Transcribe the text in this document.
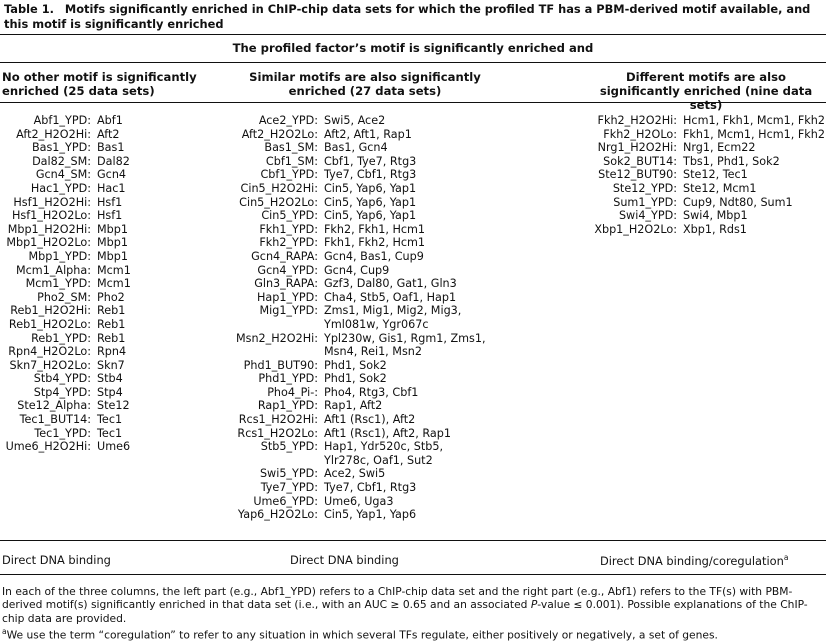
Table 1. Motifs significantly enriched in ChIP-chip data sets for which the profiled TF has a PBM-derived motif available, and this motif is significantly enriched
The profiled factor’s motif is significantly enriched and
No other motif is significantly enriched (25 data sets)
Similar motifs are also significantly enriched (27 data sets)
Different motifs are also significantly enriched (nine data sets)
Abf1_YPD: Abf1
Aft2_H2O2Hi: Aft2
Bas1_YPD: Bas1
Dal82_SM: Dal82
Gcn4_SM: Gcn4
Hac1_YPD: Hac1
Hsf1_H2O2Hi: Hsf1
Hsf1_H2O2Lo: Hsf1
Mbp1_H2O2Hi: Mbp1
Mbp1_H2O2Lo: Mbp1
Mbp1_YPD: Mbp1
Mcm1_Alpha: Mcm1
Mcm1_YPD: Mcm1
Pho2_SM: Pho2
Reb1_H2O2Hi: Reb1
Reb1_H2O2Lo: Reb1
Reb1_YPD: Reb1
Rpn4_H2O2Lo: Rpn4
Skn7_H2O2Lo: Skn7
Stb4_YPD: Stb4
Stp4_YPD: Stp4
Ste12_Alpha: Ste12
Tec1_BUT14: Tec1
Tec1_YPD: Tec1
Ume6_H2O2Hi: Ume6
Ace2_YPD: Swi5, Ace2
Aft2_H2O2Lo: Aft2, Aft1, Rap1
Bas1_SM: Bas1, Gcn4
Cbf1_SM: Cbf1, Tye7, Rtg3
Cbf1_YPD: Tye7, Cbf1, Rtg3
Cin5_H2O2Hi: Cin5, Yap6, Yap1
Cin5_H2O2Lo: Cin5, Yap6, Yap1
Cin5_YPD: Cin5, Yap6, Yap1
Fkh1_YPD: Fkh2, Fkh1, Hcm1
Fkh2_YPD: Fkh1, Fkh2, Hcm1
Gcn4_RAPA: Gcn4, Bas1, Cup9
Gcn4_YPD: Gcn4, Cup9
Gln3_RAPA: Gzf3, Dal80, Gat1, Gln3
Hap1_YPD: Cha4, Stb5, Oaf1, Hap1
Mig1_YPD: Zms1, Mig1, Mig2, Mig3,
Yml081w, Ygr067c
Msn2_H2O2Hi: Ypl230w, Gis1, Rgm1, Zms1,
Msn4, Rei1, Msn2
Phd1_BUT90: Phd1, Sok2
Phd1_YPD: Phd1, Sok2
Pho4_Pi-: Pho4, Rtg3, Cbf1
Rap1_YPD: Rap1, Aft2
Rcs1_H2O2Hi: Aft1 (Rsc1), Aft2
Rcs1_H2O2Lo: Aft1 (Rsc1), Aft2, Rap1
Stb5_YPD: Hap1, Ydr520c, Stb5,
Ylr278c, Oaf1, Sut2
Swi5_YPD: Ace2, Swi5
Tye7_YPD: Tye7, Cbf1, Rtg3
Ume6_YPD: Ume6, Uga3
Yap6_H2O2Lo: Cin5, Yap1, Yap6
Fkh2_H2O2Hi: Hcm1, Fkh1, Mcm1, Fkh2
Fkh2_H2OLo: Fkh1, Mcm1, Hcm1, Fkh2
Nrg1_H2O2Hi: Nrg1, Ecm22
Sok2_BUT14: Tbs1, Phd1, Sok2
Ste12_BUT90: Ste12, Tec1
Ste12_YPD: Ste12, Mcm1
Sum1_YPD: Cup9, Ndt80, Sum1
Swi4_YPD: Swi4, Mbp1
Xbp1_H2O2Lo: Xbp1, Rds1
Direct DNA binding	Direct DNA binding	Direct DNA binding/coregulation$^a$

In each of the three columns, the left part (e.g., Abf1_YPD) refers to a ChIP-chip data set and the right part (e.g., Abf1) refers to the TF(s) with PBM-derived motif(s) significantly enriched in that data set (i.e., with an AUC ≥ 0.65 and an associated P-value ≤ 0.001). Possible explanations of the ChIP-chip data are provided.

$^a$We use the term “coregulation” to refer to any situation in which several TFs regulate, either positively or negatively, a set of genes.
